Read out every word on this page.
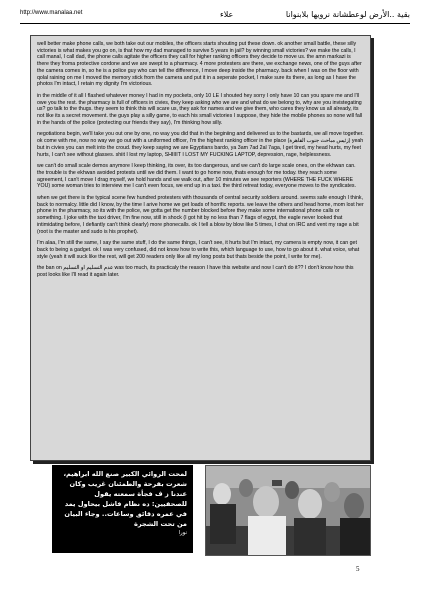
http://www.manalaa.net	علاء	بقية ..الأرض لوعطشانة نرويها بلابنوانا

well better make phone calls, we both take out our mobiles, the officers starts shouting put these down. ok another small battle, these silly victories is what makes you go on, is that how my dad managed to survive 5 years in jail? by winning small victories? we make the calls, I call manal, I call dad, the phone calls agitate the officers they call for higher ranking officers they decide to move us. the amn markazi is there they froma protective cordone and we are swept to a pharmacy. 4 more protesters are there, we exchange news, one of the guys after the camera comes in, so he is a police guy who can tell the difference, I move deep inside the pharmacy. back when I was on the floor with qolal raining on me I moved the memory stick from the camera and put it in a seperate pocket, I make sure its there, as long as I have the photos I'm intact, I retain my dignity I'm victorious.

in the middle of it all I flashed whatever money I had in my pockets, only 10 LE I shouted hey sorry I only have 10 can you spare me and I'll owe you the rest. the pharmacy is full of officers in civies, they keep asking who we are and what do we belong to, why are you invistegating us? go talk to the thugs. they seem to think this will scare us, they ask for names and we give them, who cares they know us all already, its not like its a secret movement. the guys play a silly game, to each his small victories I suppose, they hide the mobile phones so none will fall in the hands of the police (protecting our friends they say), I'm thinking how silly.

negotiations begin, we'll take you out one by one, no way you did that in the beginiing and delivered us to the bastards, we all move together. ok come with me, now no way we go out with a uniformed officer, I'm the highest ranking officer in the place (زئيس مباحث جنوب القاهرة) yeah but in civies you can melt into the croud. they keep saying we are Egyptians bardo, ya 3am 7ad 2al 7aga, I get tired, my head hurts, my feet hurts, I can't see without glasses. shiit I lost my laptop, SHIIIIT I LOST MY FUCKING LAPTOP, depression, rage, helplessness.

we can't do small scale demos anymore I keep thinking, its over, its too dangerous, and we can't do large scale ones, on the ekhwan can. the trouble is the ekhwan avoided protests until we did them. I want to go home now, thats enough for me today. they reach some agreement, I can't move I drag myself, we hold hands and we walk out, after 10 minutes we see reporters (WHERE THE FUCK WHERE YOU) some woman tries to interview me I can't even focus, we end up in a taxi. the third retreat today, everyone moves to the syndicates.

when we get there is the typical scene few hundred protesters with thousands of central security soldiers around. seems safe enough I think, back to normalcy. little did I know, by the time I arive home we get loads of horrific reports. we leave the others and head home, mom lost her phone in the pharmacy, so its with the police, we gotta get the number blocked before they make some international phone calls or something. I joke with the taxi driver, I'm fine now, still in shock (I got hit by no less than 7 flags of egypt, the eagle never looked that intimidating before, I defiantly can't think clearly) more phonecalls. ok I tell a blow by blow like 5 times, I chat on IRC and vent my rage a bit (root is the master and sudo is his prophet).

I'm alaa, I'm still the same, I say the same stuff, I do the same things, I can't see, it hurts but I'm intact, my camera is empty now, it can get back to being a gadget. ok I was very confused, did not know how to write this, which language to use, how to go about it. what voice, what style (yeah it will suck like the rest, will get 200 readers only like all my long posts but thats beside the point, I write for me).

the ban on عدم التسليم او التسليم was too much, its practicaly the reason I have this website and now I can't do it?? I don't know how this post looks like I'll read it again later.

لمحت الروائي الكبير صنع الله ابراهيم، شعرت بفرحة والطمئنان غريب وكان عندنا ز ف فجأة سمعته يقول للصحفيين: ده نظام فاشل بيحاول يمد في عمره دقائق وساعات.. وجاء البيان من تحت الشجرة
نورا
5
